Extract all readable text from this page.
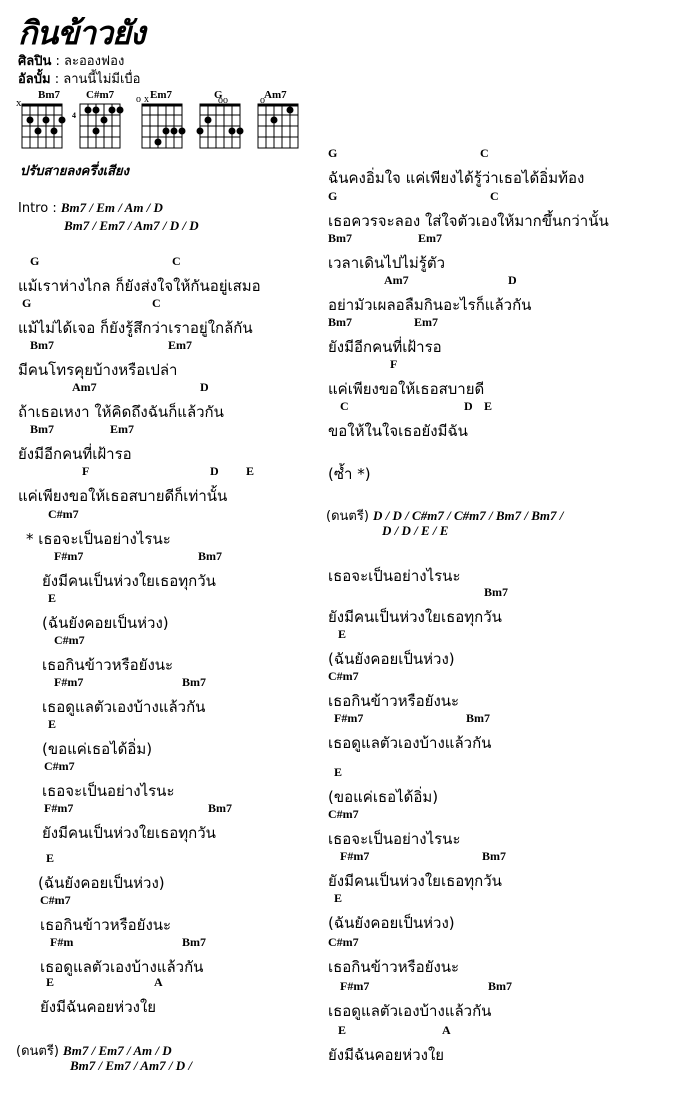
กินข้าวยัง
ศิลปิน : ละอองฟอง
อัลบั้ม : ลานนี้ไม่มีเบื่อ
Bm7
x
C#m7
4
Em7
o x	G
oo	Am7
o
ปรับสายลงครึ่งเสียง
Intro : Bm7 / Em / Am / D
Bm7 / Em7 / Am7 / D / D
G	C
แม้เราห่างไกล ก็ยังส่งใจให้กันอยู่เสมอ
G	C
แม้ไม่ได้เจอ ก็ยังรู้สึกว่าเราอยู่ใกล้กัน
Bm7	Em7
มีคนโทรคุยบ้างหรือเปล่า
Am7	D
ถ้าเธอเหงา ให้คิดถึงฉันก็แล้วกัน
Bm7	Em7
ยังมีอีกคนที่เฝ้ารอ
F	D E
แค่เพียงขอให้เธอสบายดีก็เท่านั้น
C#m7
* เธอจะเป็นอย่างไรนะ
F#m7	Bm7
ยังมีคนเป็นห่วงใยเธอทุกวัน
E
(ฉันยังคอยเป็นห่วง)
C#m7
เธอกินข้าวหรือยังนะ
F#m7	Bm7
เธอดูแลตัวเองบ้างแล้วกัน
E
(ขอแค่เธอได้อิ่ม)
C#m7
เธอจะเป็นอย่างไรนะ
F#m7	Bm7
ยังมีคนเป็นห่วงใยเธอทุกวัน
E
(ฉันยังคอยเป็นห่วง)
C#m7
เธอกินข้าวหรือยังนะ
F#m	Bm7
เธอดูแลตัวเองบ้างแล้วกัน
E	A
ยังมีฉันคอยห่วงใย
G	C
ฉันคงอิ่มใจ แค่เพียงได้รู้ว่าเธอได้อิ่มท้อง
G	C
เธอควรจะลอง ใส่ใจตัวเองให้มากขึ้นกว่านั้น
Bm7	Em7
เวลาเดินไปไม่รู้ตัว
Am7	D
อย่ามัวเผลอลืมกินอะไรก็แล้วกัน
Bm7	Em7
ยังมีอีกคนที่เฝ้ารอ
F
แค่เพียงขอให้เธอสบายดี
C	D E
ขอให้ในใจเธอยังมีฉัน
(ซ้ำ *)
เธอจะเป็นอย่างไรนะ
Bm7
ยังมีคนเป็นห่วงใยเธอทุกวัน
E
(ฉันยังคอยเป็นห่วง)
C#m7
เธอกินข้าวหรือยังนะ
F#m7	Bm7
เธอดูแลตัวเองบ้างแล้วกัน
E
(ขอแค่เธอได้อิ่ม)
C#m7
เธอจะเป็นอย่างไรนะ
F#m7	Bm7
ยังมีคนเป็นห่วงใยเธอทุกวัน
E
(ฉันยังคอยเป็นห่วง)
C#m7
เธอกินข้าวหรือยังนะ
F#m7	Bm7
เธอดูแลตัวเองบ้างแล้วกัน
E	A
ยังมีฉันคอยห่วงใย
(ดนตรี) Bm7 / Em7 / Am / D
Bm7 / Em7 / Am7 / D /
(ดนตรี) D / D / C#m7 / C#m7 / Bm7 / Bm7 /
D / D / E / E
